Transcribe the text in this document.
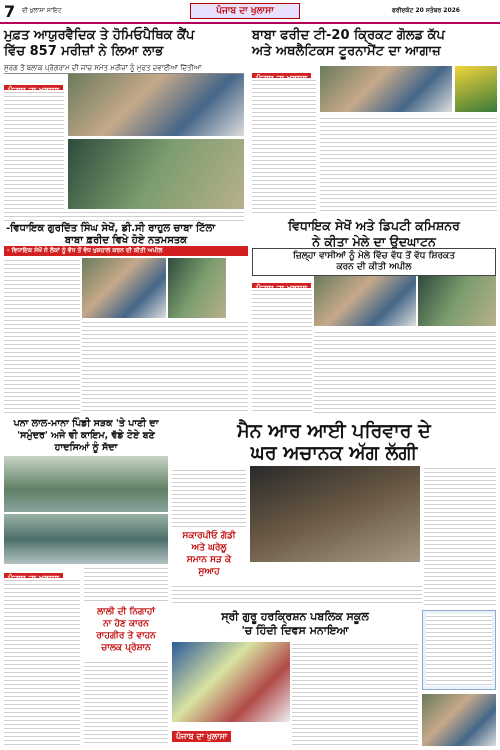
7 ਦੀ ਖੁਲਾਸਾ ਸਾਇਟ	ਪੰਜਾਬ ਦਾ ਖੁਲਾਸਾ	ਫਰੀਦਕੋਟ 20 ਸਤੰਬਰ 2026
ਮੁਫ਼ਤ ਆਯੁਰਵੈਦਿਕ ਤੇ ਹੋਮਿਓਪੈਥਿਕ ਕੈਂਪ
ਵਿੱਚ 857 ਮਰੀਜ਼ਾਂ ਨੇ ਲਿਆ ਲਾਭ
ਸੁਰਗ ਤੋਂ ਬਲਾਕ ਪ੍ਰੋਗਰਾਮ ਦੀ ਜਾਂਚ ਸਮੇਤ ਮਰੀਜ਼ਾਂ ਨੂੰ ਮੁਫ਼ਤ ਦਵਾਈਆਂ ਦਿੱਤੀਆਂ
-ਵਿਧਾਇਕ ਗੁਰਦਿੱਤ ਸਿੰਘ ਸੇਖੋਂ, ਡੀ.ਸੀ ਰਾਹੁਲ ਚਾਬਾ ਟਿੱਲਾ
ਬਾਬਾ ਫ਼ਰੀਦ ਵਿਖੇ ਹੋਏ ਨਤਮਸਤਕ
ਬਾਬਾ ਫਰੀਦ ਟੀ-20 ਕ੍ਰਿਕਟ ਗੋਲਡ ਕੱਪ
ਅਤੇ ਅਥਲੈਟਿਕਸ ਟੂਰਨਾਮੈਂਟ ਦਾ ਆਗਾਜ਼
ਵਿਧਾਇਕ ਸੇਖੋਂ ਅਤੇ ਡਿਪਟੀ ਕਮਿਸ਼ਨਰ
ਨੇ ਕੀਤਾ ਮੇਲੇ ਦਾ ਉਦਘਾਟਨ
- ਵਿਧਾਇਕ ਸੇਖੋਂ ਨੇ ਲੋਕਾਂ ਨੂੰ ਵੱਧ ਤੋਂ ਵੱਧ ਖੁਸ਼ਹਾਲ ਕਰਨ ਦੀ ਕੀਤੀ ਅਪੀਲ
ਜ਼ਿਲ੍ਹਾ ਵਾਸੀਆਂ ਨੂੰ ਮੇਲੇ ਵਿੱਚ ਵੱਧ ਤੋਂ ਵੱਧ ਸ਼ਿਰਕਤ
ਕਰਨ ਦੀ ਕੀਤੀ ਅਪੀਲ
ਪਨਾ ਲਾਲ-ਮਾਨਾ ਪਿੰਡੀ ਸੜਕ 'ਤੇ ਪਾਣੀ ਦਾ
'ਸਮੁੰਦਰ' ਅਜੇ ਵੀ ਕਾਇਮ, ਵੱਡੇ ਟੋਏ ਬਣੇ
ਹਾਦਸਿਆਂ ਨੂੰ ਸੱਦਾ
ਲਾਲੀ ਦੀ ਨਿਗਾਹਾਂ
ਨਾ ਹੋਣ ਕਾਰਨ
ਰਾਹਗੀਰ ਤੇ ਵਾਹਨ
ਚਾਲਕ ਪ੍ਰੇਸ਼ਾਨ
ਮੈਨ ਆਰ ਆਈ ਪਰਿਵਾਰ ਦੇ
ਘਰ ਅਚਾਨਕ ਅੱਗ ਲੱਗੀ
ਸਕਾਰਪੀਓ ਗੱਡੀ
ਅਤੇ ਘਰੇਲੂ
ਸਮਾਨ ਸੜ ਕੇ
ਸੁਆਹ
ਸ੍ਰੀ ਗੁਰੂ ਹਰਕ੍ਰਿਸ਼ਨ ਪਬਲਿਕ ਸਕੂਲ
'ਚ ਹਿੰਦੀ ਦਿਵਸ ਮਨਾਇਆ
ਪੰਜਾਬ ਦਾ ਖੁਲਾਸਾ
